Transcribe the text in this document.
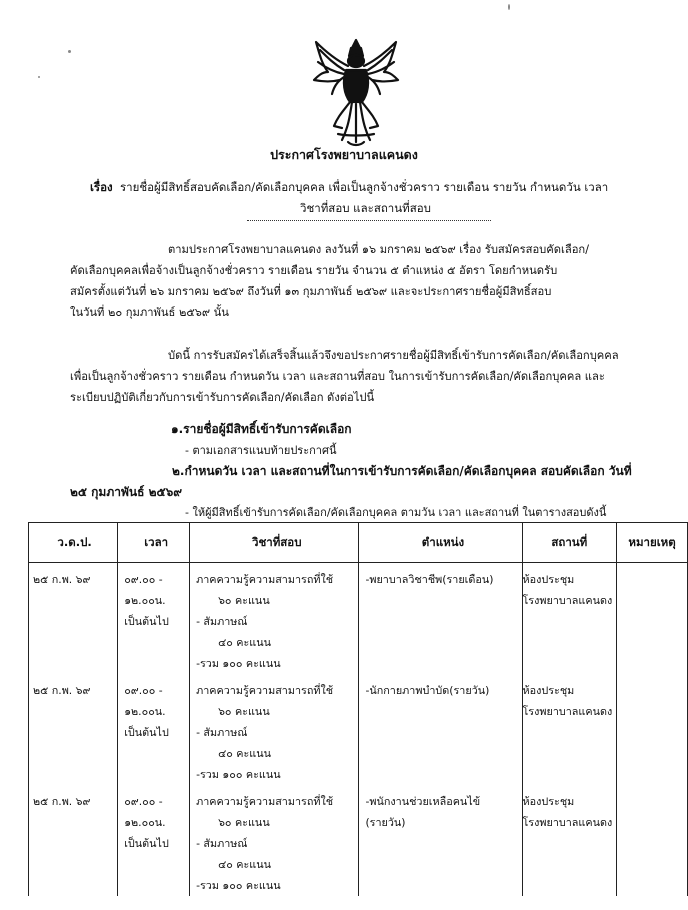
ประกาศโรงพยาบาลแคนดง
เรื่อง รายชื่อผู้มีสิทธิ์สอบคัดเลือก/คัดเลือกบุคคล เพื่อเป็นลูกจ้างชั่วคราว รายเดือน รายวัน กำหนดวัน เวลา
วิชาที่สอบ และสถานที่สอบ
ตามประกาศโรงพยาบาลแคนดง ลงวันที่ ๑๖ มกราคม ๒๕๖๙ เรื่อง รับสมัครสอบคัดเลือก/
คัดเลือกบุคคลเพื่อจ้างเป็นลูกจ้างชั่วคราว รายเดือน รายวัน จำนวน ๕ ตำแหน่ง ๕ อัตรา โดยกำหนดรับ
สมัครตั้งแต่วันที่ ๒๖ มกราคม ๒๕๖๙ ถึงวันที่ ๑๓ กุมภาพันธ์ ๒๕๖๙ และจะประกาศรายชื่อผู้มีสิทธิ์สอบ
ในวันที่ ๒๐ กุมภาพันธ์ ๒๕๖๙ นั้น
บัดนี้ การรับสมัครได้เสร็จสิ้นแล้วจึงขอประกาศรายชื่อผู้มีสิทธิ์เข้ารับการคัดเลือก/คัดเลือกบุคคล
เพื่อเป็นลูกจ้างชั่วคราว รายเดือน กำหนดวัน เวลา และสถานที่สอบ ในการเข้ารับการคัดเลือก/คัดเลือกบุคคล และ
ระเบียบปฏิบัติเกี่ยวกับการเข้ารับการคัดเลือก/คัดเลือก ดังต่อไปนี้
๑.รายชื่อผู้มีสิทธิ์เข้ารับการคัดเลือก
- ตามเอกสารแนบท้ายประกาศนี้
๒.กำหนดวัน เวลา และสถานที่ในการเข้ารับการคัดเลือก/คัดเลือกบุคคล สอบคัดเลือก วันที่
๒๕ กุมภาพันธ์ ๒๕๖๙
- ให้ผู้มีสิทธิ์เข้ารับการคัดเลือก/คัดเลือกบุคคล ตามวัน เวลา และสถานที่ ในตารางสอบดังนี้
ว.ด.ป.	เวลา	วิชาที่สอบ	ตำแหน่ง	สถานที่	หมายเหตุ

๒๕ ก.พ. ๖๙	๐๙.๐๐ -
๑๒.๐๐น.
เป็นต้นไป	ภาคความรู้ความสามารถที่ใช้
๖๐ คะแนน
- สัมภาษณ์
๔๐ คะแนน
-รวม ๑๐๐ คะแนน	-พยาบาลวิชาชีพ(รายเดือน)	ห้องประชุม
โรงพยาบาลแคนดง	

๒๕ ก.พ. ๖๙	๐๙.๐๐ -
๑๒.๐๐น.
เป็นต้นไป	ภาคความรู้ความสามารถที่ใช้
๖๐ คะแนน
- สัมภาษณ์
๔๐ คะแนน
-รวม ๑๐๐ คะแนน	-นักกายภาพบำบัด(รายวัน)	ห้องประชุม
โรงพยาบาลแคนดง	

๒๕ ก.พ. ๖๙	๐๙.๐๐ -
๑๒.๐๐น.
เป็นต้นไป	ภาคความรู้ความสามารถที่ใช้
๖๐ คะแนน
- สัมภาษณ์
๔๐ คะแนน
-รวม ๑๐๐ คะแนน	-พนักงานช่วยเหลือคนไข้
(รายวัน)	ห้องประชุม
โรงพยาบาลแคนดง	
